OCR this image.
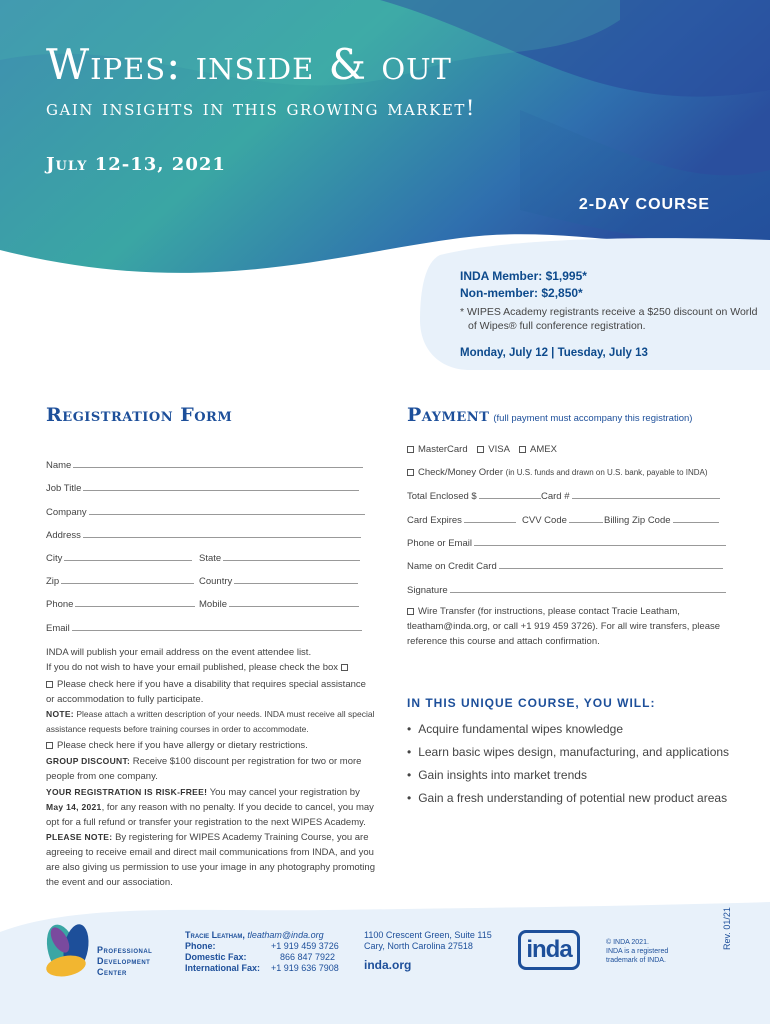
Wipes: inside & out
gain insights in this growing market!
July 12-13, 2021
2-DAY COURSE
INDA Member: $1,995*
Non-member: $2,850*
* WIPES Academy registrants receive a $250 discount on World of Wipes® full conference registration.
Monday, July 12 | Tuesday, July 13
Registration Form
Name
Job Title
Company
Address
City	State
Zip	Country
Phone	Mobile
Email
INDA will publish your email address on the event attendee list.
If you do not wish to have your email published, please check the box
Please check here if you have a disability that requires special assistance or accommodation to fully participate.
NOTE: Please attach a written description of your needs. INDA must receive all special assistance requests before training courses in order to accommodate.
Please check here if you have allergy or dietary restrictions.
GROUP DISCOUNT: Receive $100 discount per registration for two or more people from one company.
YOUR REGISTRATION IS RISK-FREE! You may cancel your registration by May 14, 2021, for any reason with no penalty. If you decide to cancel, you may opt for a full refund or transfer your registration to the next WIPES Academy.
PLEASE NOTE: By registering for WIPES Academy Training Course, you are agreeing to receive email and direct mail communications from INDA, and you are also giving us permission to use your image in any photography promoting the event and our association.
Payment (full payment must accompany this registration)
MasterCard VISA AMEX
Check/Money Order (in U.S. funds and drawn on U.S. bank, payable to INDA)
Total Enclosed $	Card #
Card Expires	CVV Code	Billing Zip Code
Phone or Email
Name on Credit Card
Signature
Wire Transfer (for instructions, please contact Tracie Leatham, tleatham@inda.org, or call +1 919 459 3726). For all wire transfers, please reference this course and attach confirmation.
IN THIS UNIQUE COURSE, YOU WILL:
• Acquire fundamental wipes knowledge
• Learn basic wipes design, manufacturing, and applications
• Gain insights into market trends
• Gain a fresh understanding of potential new product areas
Professional
Development
Center
Tracie Leatham,
tleatham@inda.org
Phone:	+1 919 459 3726
Domestic Fax:	866 847 7922
International Fax:	+1 919 636 7908
1100 Crescent Green, Suite 115
Cary, North Carolina 27518
inda.org
inda	© INDA 2021.
INDA is a registered trademark of INDA.
Rev. 01/21
